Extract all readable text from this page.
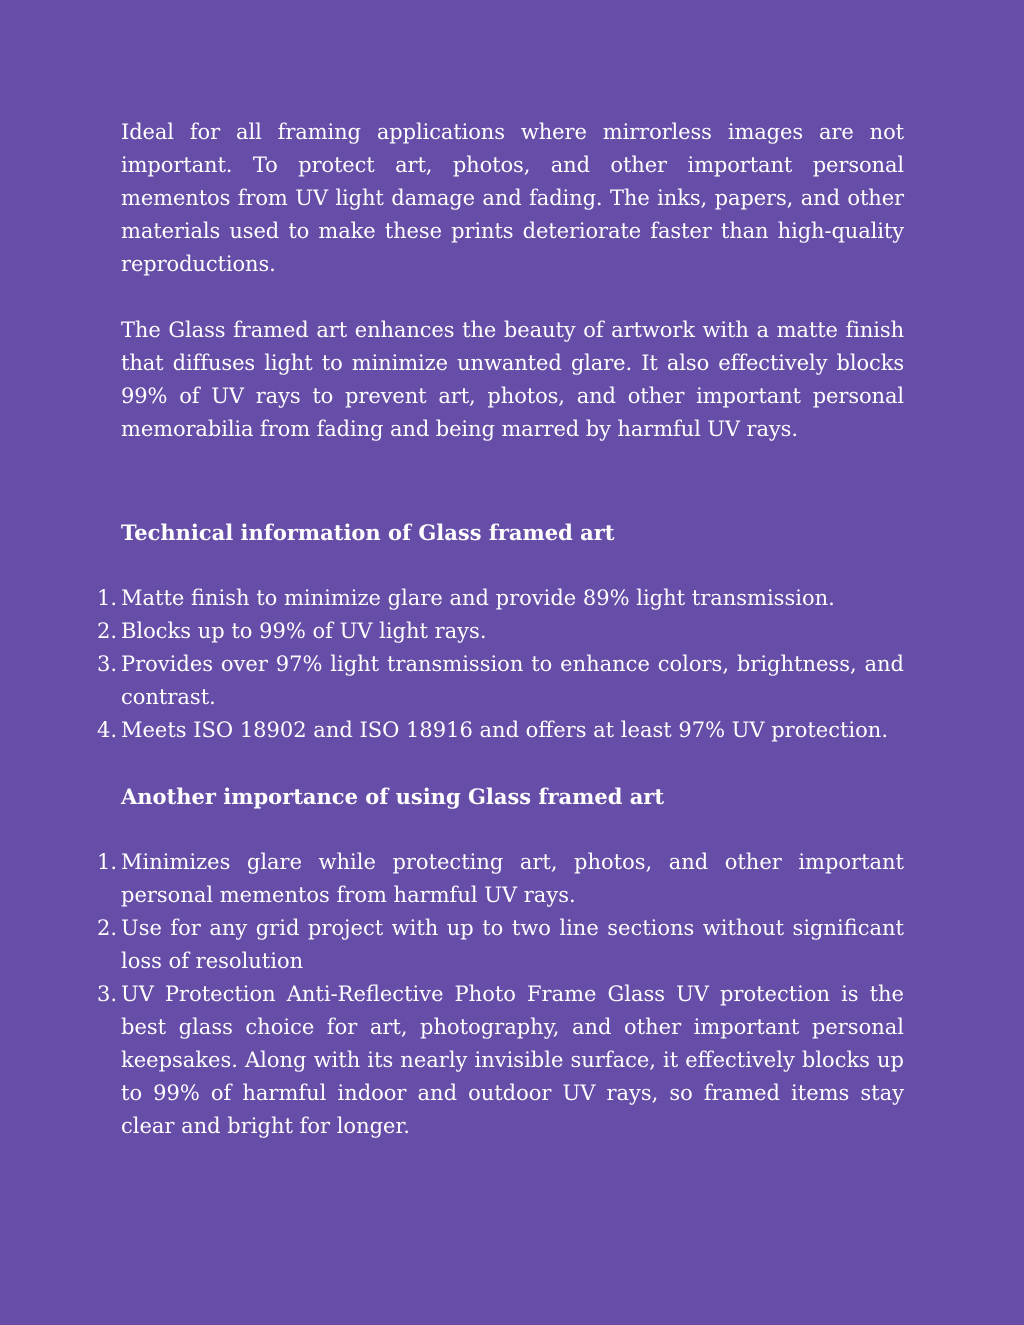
Ideal for all framing applications where mirrorless images are not important. To protect art, photos, and other important personal mementos from UV light damage and fading. The inks, papers, and other materials used to make these prints deteriorate faster than high-quality reproductions.

The Glass framed art enhances the beauty of artwork with a matte finish that diffuses light to minimize unwanted glare. It also effectively blocks 99% of UV rays to prevent art, photos, and other important personal memorabilia from fading and being marred by harmful UV rays.

Technical information of Glass framed art
1. Matte finish to minimize glare and provide 89% light transmission.
2. Blocks up to 99% of UV light rays.
3. Provides over 97% light transmission to enhance colors, brightness, and contrast.
4. Meets ISO 18902 and ISO 18916 and offers at least 97% UV protection.
Another importance of using Glass framed art
1. Minimizes glare while protecting art, photos, and other important personal mementos from harmful UV rays.
2. Use for any grid project with up to two line sections without significant loss of resolution
3. UV Protection Anti-Reflective Photo Frame Glass UV protection is the best glass choice for art, photography, and other important personal keepsakes. Along with its nearly invisible surface, it effectively blocks up to 99% of harmful indoor and outdoor UV rays, so framed items stay clear and bright for longer.
